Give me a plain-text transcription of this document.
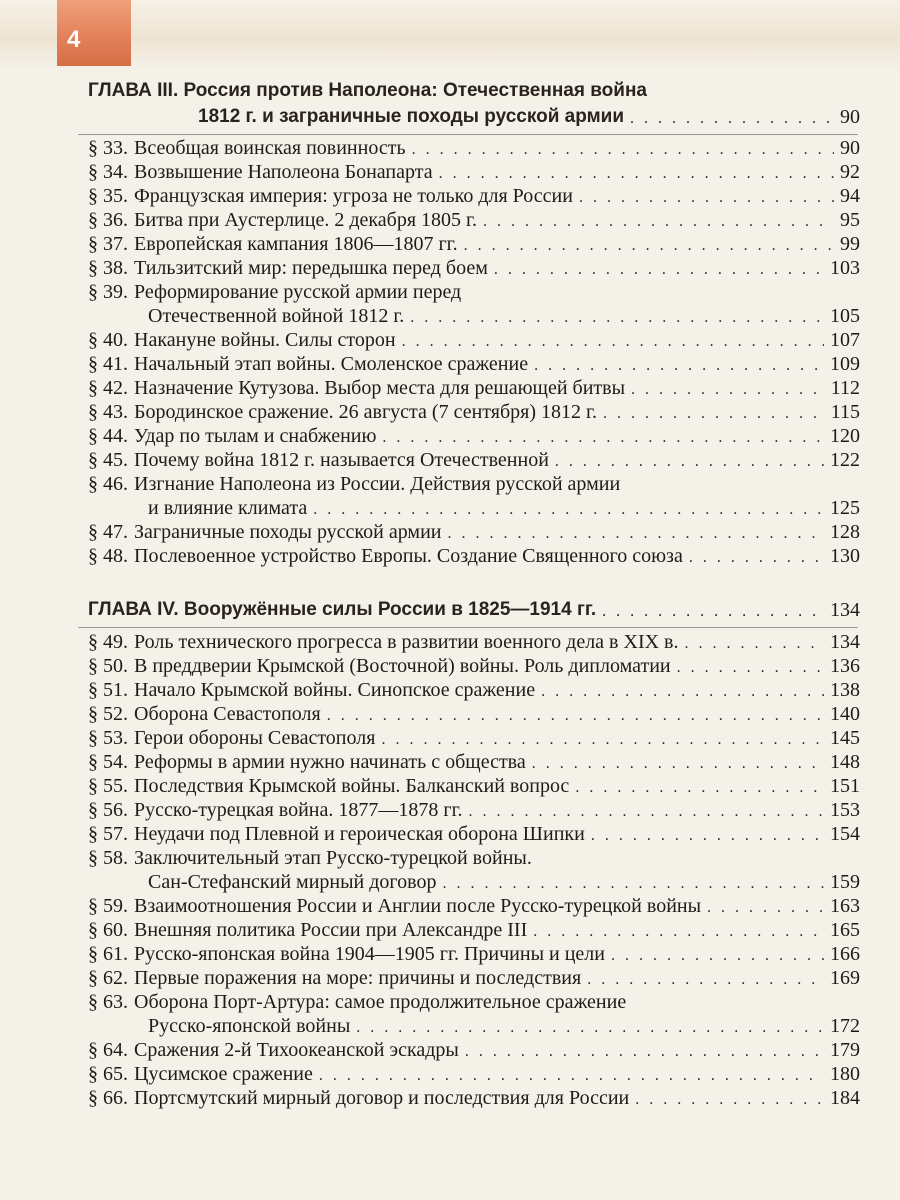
4
ГЛАВА III. Россия против Наполеона: Отечественная война
1812 г. и заграничные походы русской армии . . .	90
§ 33. Всеобщая воинская повинность . . .	90
§ 34. Возвышение Наполеона Бонапарта . . .	92
§ 35. Французская империя: угроза не только для России . . .	94
§ 36. Битва при Аустерлице. 2 декабря 1805 г. . . .	95
§ 37. Европейская кампания 1806—1807 гг. . . .	99
§ 38. Тильзитский мир: передышка перед боем . . .	103
§ 39. Реформирование русской армии перед
Отечественной войной 1812 г. . . .	105
§ 40. Накануне войны. Силы сторон . . .	107
§ 41. Начальный этап войны. Смоленское сражение . . .	109
§ 42. Назначение Кутузова. Выбор места для решающей битвы . . .	112
§ 43. Бородинское сражение. 26 августа (7 сентября) 1812 г. . . .	115
§ 44. Удар по тылам и снабжению . . .	120
§ 45. Почему война 1812 г. называется Отечественной . . .	122
§ 46. Изгнание Наполеона из России. Действия русской армии
и влияние климата . . .	125
§ 47. Заграничные походы русской армии . . .	128
§ 48. Послевоенное устройство Европы. Создание Священного союза . . .	130
ГЛАВА IV. Вооружённые силы России в 1825—1914 гг. . . .	134
§ 49. Роль технического прогресса в развитии военного дела в XIX в. . . .	134
§ 50. В преддверии Крымской (Восточной) войны. Роль дипломатии . . .	136
§ 51. Начало Крымской войны. Синопское сражение . . .	138
§ 52. Оборона Севастополя . . .	140
§ 53. Герои обороны Севастополя . . .	145
§ 54. Реформы в армии нужно начинать с общества . . .	148
§ 55. Последствия Крымской войны. Балканский вопрос . . .	151
§ 56. Русско-турецкая война. 1877—1878 гг. . . .	153
§ 57. Неудачи под Плевной и героическая оборона Шипки . . .	154
§ 58. Заключительный этап Русско-турецкой войны.
Сан-Стефанский мирный договор . . .	159
§ 59. Взаимоотношения России и Англии после Русско-турецкой войны . . .	163
§ 60. Внешняя политика России при Александре III . . .	165
§ 61. Русско-японская война 1904—1905 гг. Причины и цели . . .	166
§ 62. Первые поражения на море: причины и последствия . . .	169
§ 63. Оборона Порт-Артура: самое продолжительное сражение
Русско-японской войны . . .	172
§ 64. Сражения 2-й Тихоокеанской эскадры . . .	179
§ 65. Цусимское сражение . . .	180
§ 66. Портсмутский мирный договор и последствия для России . . .	184
